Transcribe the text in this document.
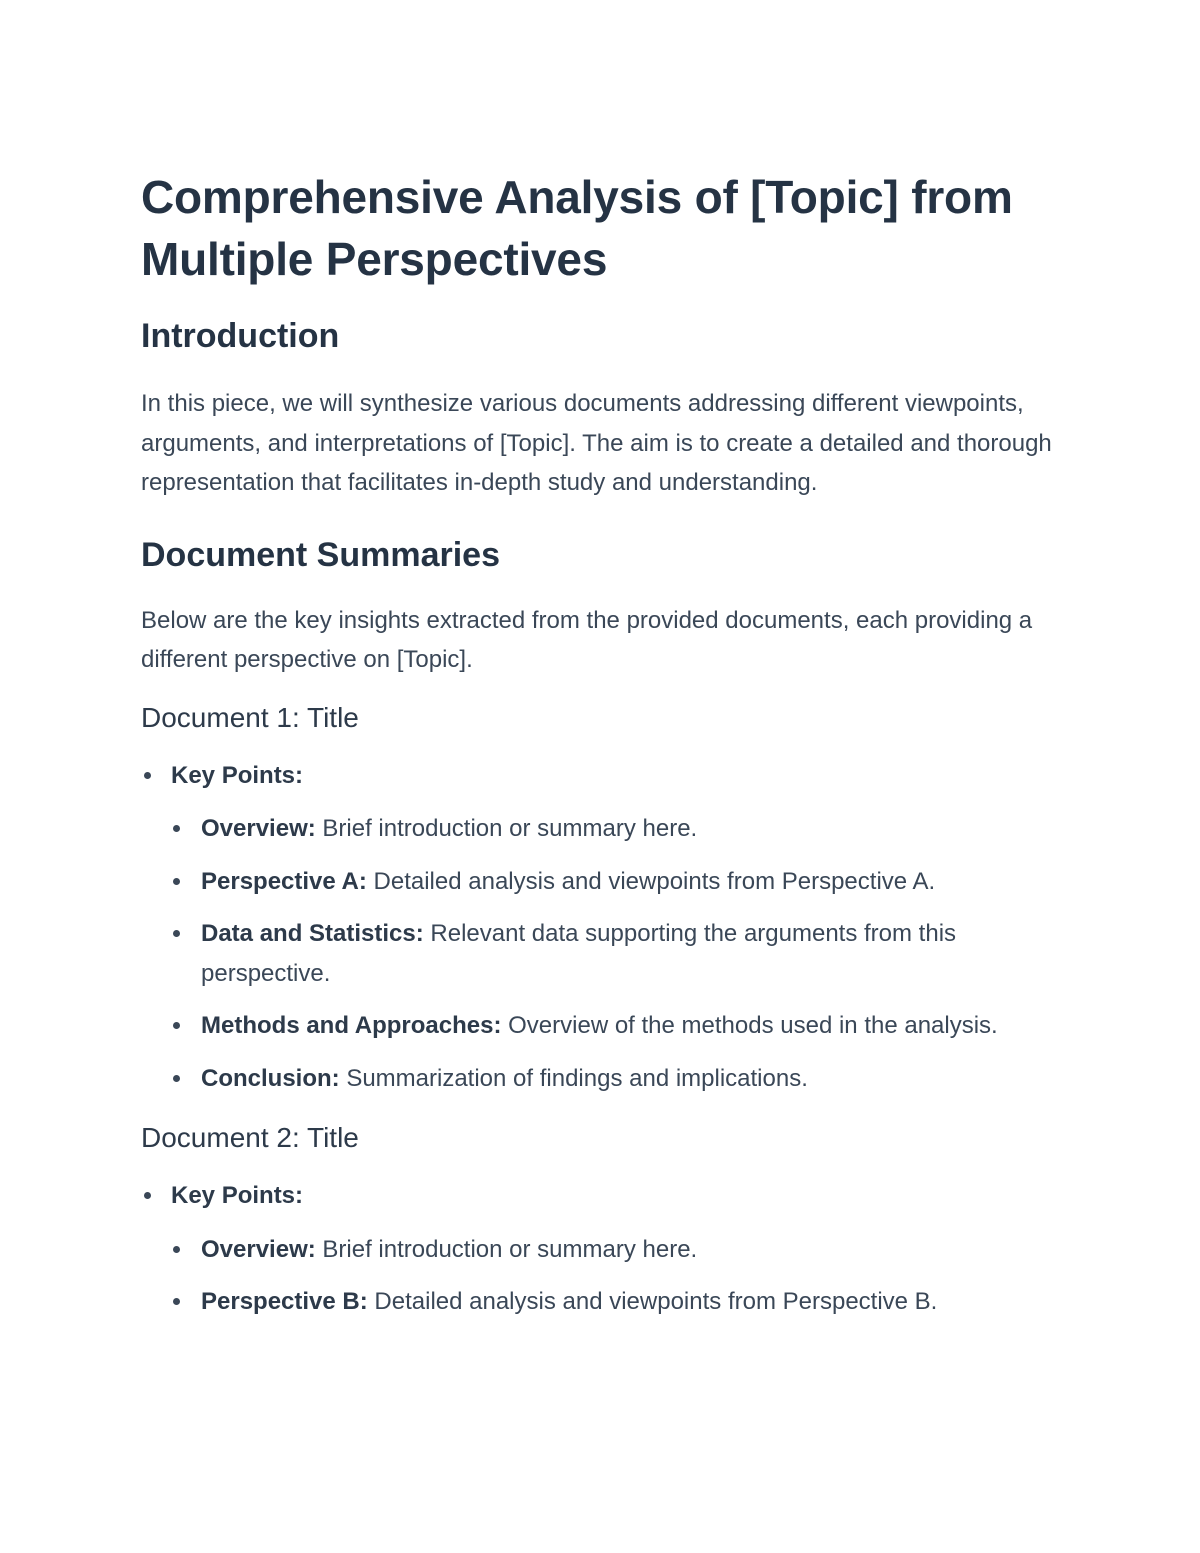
Comprehensive Analysis of [Topic] from Multiple Perspectives
Introduction

In this piece, we will synthesize various documents addressing different viewpoints, arguments, and interpretations of [Topic]. The aim is to create a detailed and thorough representation that facilitates in-depth study and understanding.

Document Summaries

Below are the key insights extracted from the provided documents, each providing a different perspective on [Topic].

Document 1: Title
Key Points:
Overview: Brief introduction or summary here.
Perspective A: Detailed analysis and viewpoints from Perspective A.
Data and Statistics: Relevant data supporting the arguments from this perspective.
Methods and Approaches: Overview of the methods used in the analysis.
Conclusion: Summarization of findings and implications.
Document 2: Title
Key Points:
Overview: Brief introduction or summary here.
Perspective B: Detailed analysis and viewpoints from Perspective B.
